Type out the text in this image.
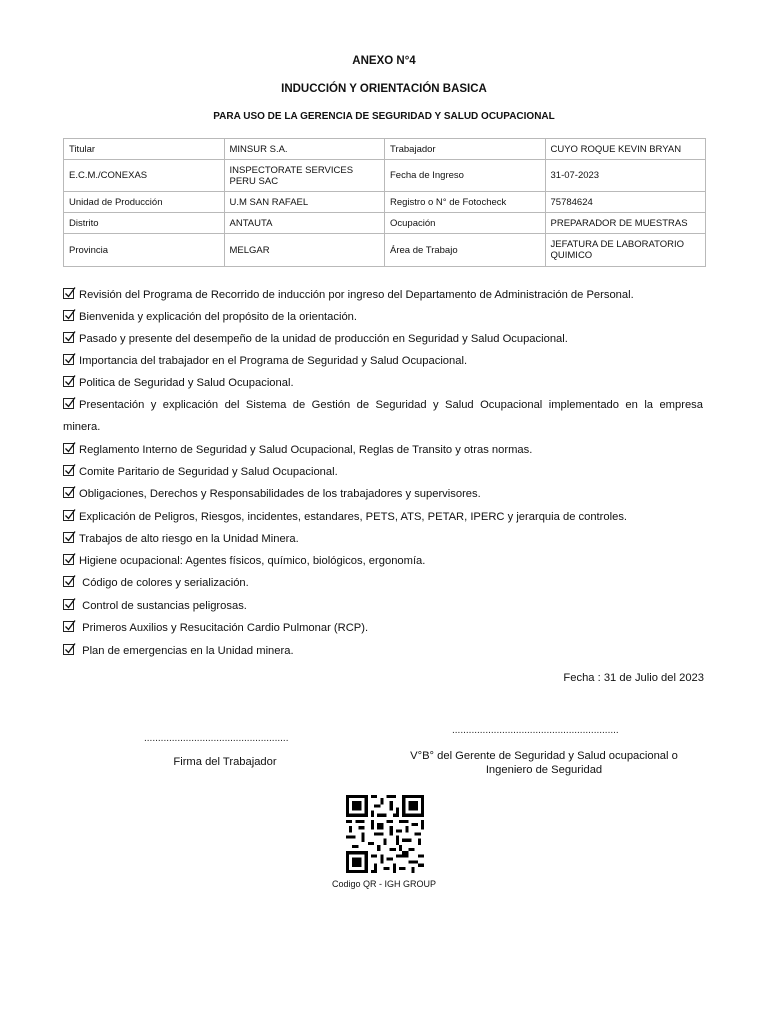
ANEXO N°4
INDUCCIÓN Y ORIENTACIÓN BASICA
PARA USO DE LA GERENCIA DE SEGURIDAD Y SALUD OCUPACIONAL
Titular	MINSUR S.A.	Trabajador	CUYO ROQUE KEVIN BRYAN
E.C.M./CONEXAS	INSPECTORATE SERVICES PERU SAC	Fecha de Ingreso	31-07-2023
Unidad de Producción	U.M SAN RAFAEL	Registro o N° de Fotocheck	75784624
Distrito	ANTAUTA	Ocupación	PREPARADOR DE MUESTRAS
Provincia	MELGAR	Área de Trabajo	JEFATURA DE LABORATORIO QUIMICO
Revisión del Programa de Recorrido de inducción por ingreso del Departamento de Administración de Personal.
Bienvenida y explicación del propósito de la orientación.
Pasado y presente del desempeño de la unidad de producción en Seguridad y Salud Ocupacional.
Importancia del trabajador en el Programa de Seguridad y Salud Ocupacional.
Politica de Seguridad y Salud Ocupacional.
Presentación y explicación del Sistema de Gestión de Seguridad y Salud Ocupacional implementado en la empresa
minera.
Reglamento Interno de Seguridad y Salud Ocupacional, Reglas de Transito y otras normas.
Comite Paritario de Seguridad y Salud Ocupacional.
Obligaciones, Derechos y Responsabilidades de los trabajadores y supervisores.
Explicación de Peligros, Riesgos, incidentes, estandares, PETS, ATS, PETAR, IPERC y jerarquia de controles.
Trabajos de alto riesgo en la Unidad Minera.
Higiene ocupacional: Agentes físicos, químico, biológicos, ergonomía.
Código de colores y serialización.
Control de sustancias peligrosas.
Primeros Auxilios y Resucitación Cardio Pulmonar (RCP).
Plan de emergencias en la Unidad minera.
Fecha : 31 de Julio del 2023
............................................................
....................................................
Firma del Trabajador	V°B° del Gerente de Seguridad y Salud ocupacional o
Ingeniero de Seguridad
Codigo QR - IGH GROUP
